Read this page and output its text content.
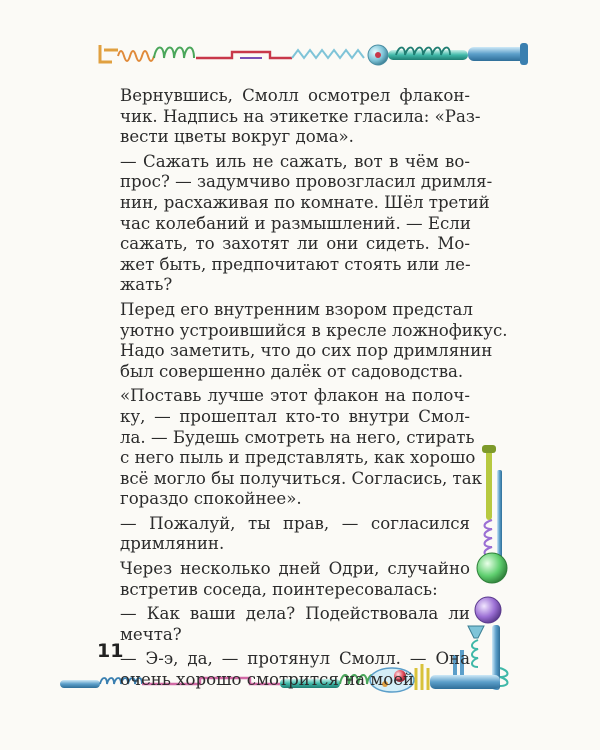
Вернувшись, Смолл осмотрел флакон-
чик. Надпись на этикетке гласила: «Раз-
вести цветы вокруг дома».

— Сажать иль не сажать, вот в чём во-
прос? — задумчиво провозгласил дримля-
нин, расхаживая по комнате. Шёл третий
час колебаний и размышлений. — Если
сажать, то захотят ли они сидеть. Мо-
жет быть, предпочитают стоять или ле-
жать?

Перед его внутренним взором предстал
уютно устроившийся в кресле ложнофикус.
Надо заметить, что до сих пор дримлянин
был совершенно далёк от садоводства.

«Поставь лучше этот флакон на полоч-
ку, — прошептал кто-то внутри Смол-
ла. — Будешь смотреть на него, стирать
с него пыль и представлять, как хорошо
всё могло бы получиться. Согласись, так
гораздо спокойнее».

— Пожалуй, ты прав, — согласился
дримлянин.

Через несколько дней Одри, случайно
встретив соседа, поинтересовалась:

— Как ваши дела? Подействовала ли
мечта?

— Э-э, да, — протянул Смолл. — Она
очень хорошо смотрится на моей

11
